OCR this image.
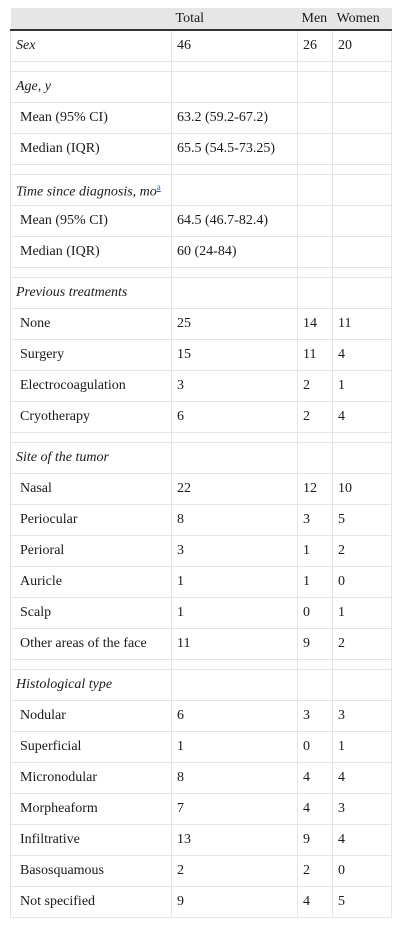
	Total	Men	Women
Sex	46	26	20

Age, y			
Mean (95% CI)	63.2 (59.2-67.2)		
Median (IQR)	65.5 (54.5-73.25)		

Time since diagnosis, mo$^a$			
Mean (95% CI)	64.5 (46.7-82.4)		
Median (IQR)	60 (24-84)		

Previous treatments			
None	25	14	11
Surgery	15	11	4
Electrocoagulation	3	2	1
Cryotherapy	6	2	4

Site of the tumor			
Nasal	22	12	10
Periocular	8	3	5
Perioral	3	1	2
Auricle	1	1	0
Scalp	1	0	1
Other areas of the face	11	9	2

Histological type			
Nodular	6	3	3
Superficial	1	0	1
Micronodular	8	4	4
Morpheaform	7	4	3
Infiltrative	13	9	4
Basosquamous	2	2	0
Not specified	9	4	5
